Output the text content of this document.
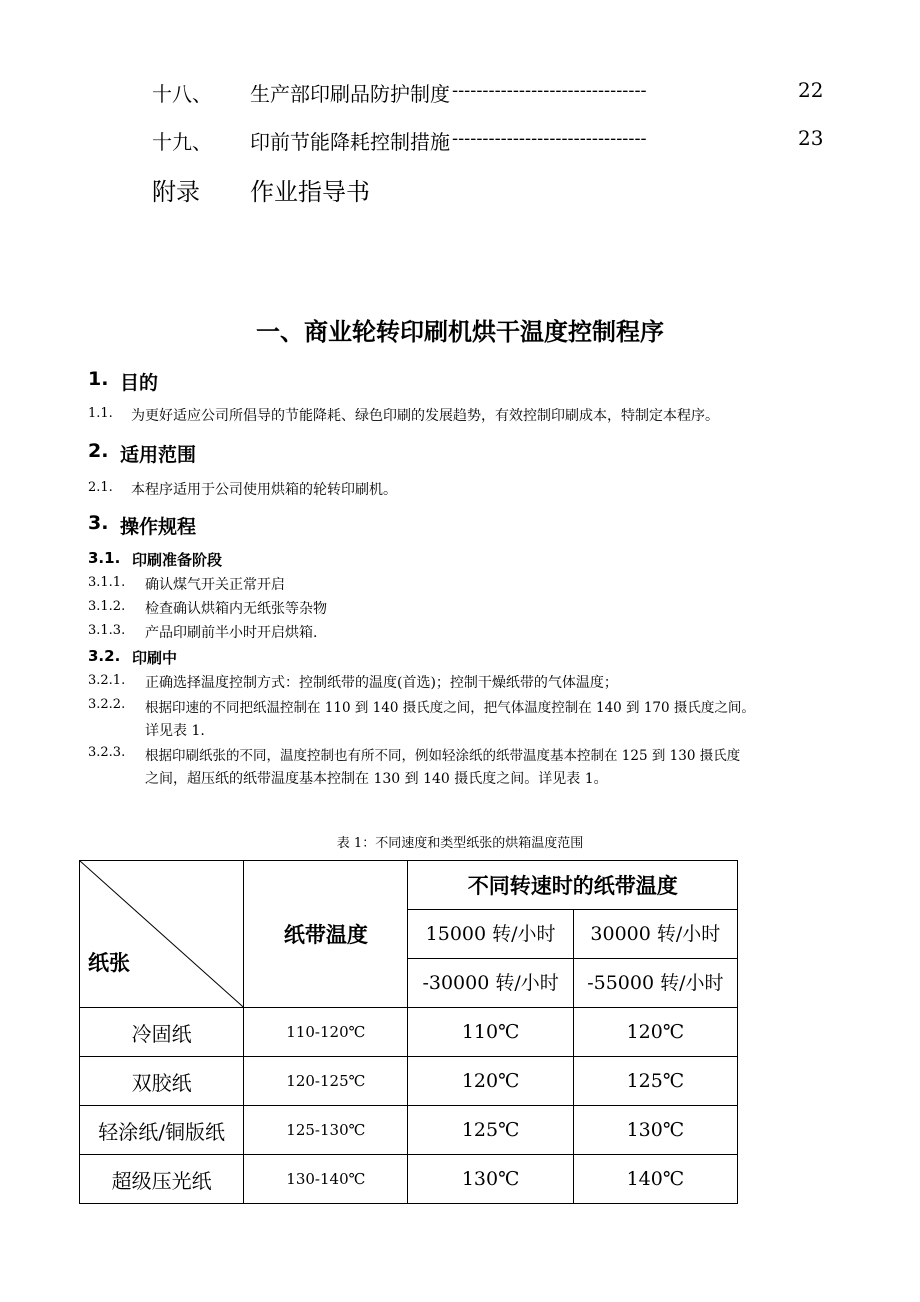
十八、 生产部印刷品防护制度 --------------------------------	22
十九、 印前节能降耗控制措施 --------------------------------	23
附录 作业指导书
一、商业轮转印刷机烘干温度控制程序
1. 目的
1.1. 为更好适应公司所倡导的节能降耗、绿色印刷的发展趋势，有效控制印刷成本，特制定本程序。
2. 适用范围
2.1. 本程序适用于公司使用烘箱的轮转印刷机。
3. 操作规程
3.1. 印刷准备阶段
3.1.1. 确认煤气开关正常开启
3.1.2. 检查确认烘箱内无纸张等杂物
3.1.3. 产品印刷前半小时开启烘箱.
3.2. 印刷中
3.2.1. 正确选择温度控制方式：控制纸带的温度(首选)；控制干燥纸带的气体温度；
3.2.2. 根据印速的不同把纸温控制在 110 到 140 摄氏度之间，把气体温度控制在 140 到 170 摄氏度之间。
详见表 1.
3.2.3. 根据印刷纸张的不同，温度控制也有所不同，例如轻涂纸的纸带温度基本控制在 125 到 130 摄氏度
之间，超压纸的纸带温度基本控制在 130 到 140 摄氏度之间。详见表 1。
表 1：不同速度和类型纸张的烘箱温度范围
纸张	纸带温度	不同转速时的纸带温度	
		15000 转/小时	30000 转/小时
		-30000 转/小时	-55000 转/小时
冷固纸	110-120℃	110℃	120℃
双胶纸	120-125℃	120℃	125℃
轻涂纸/铜版纸	125-130℃	125℃	130℃
超级压光纸	130-140℃	130℃	140℃
